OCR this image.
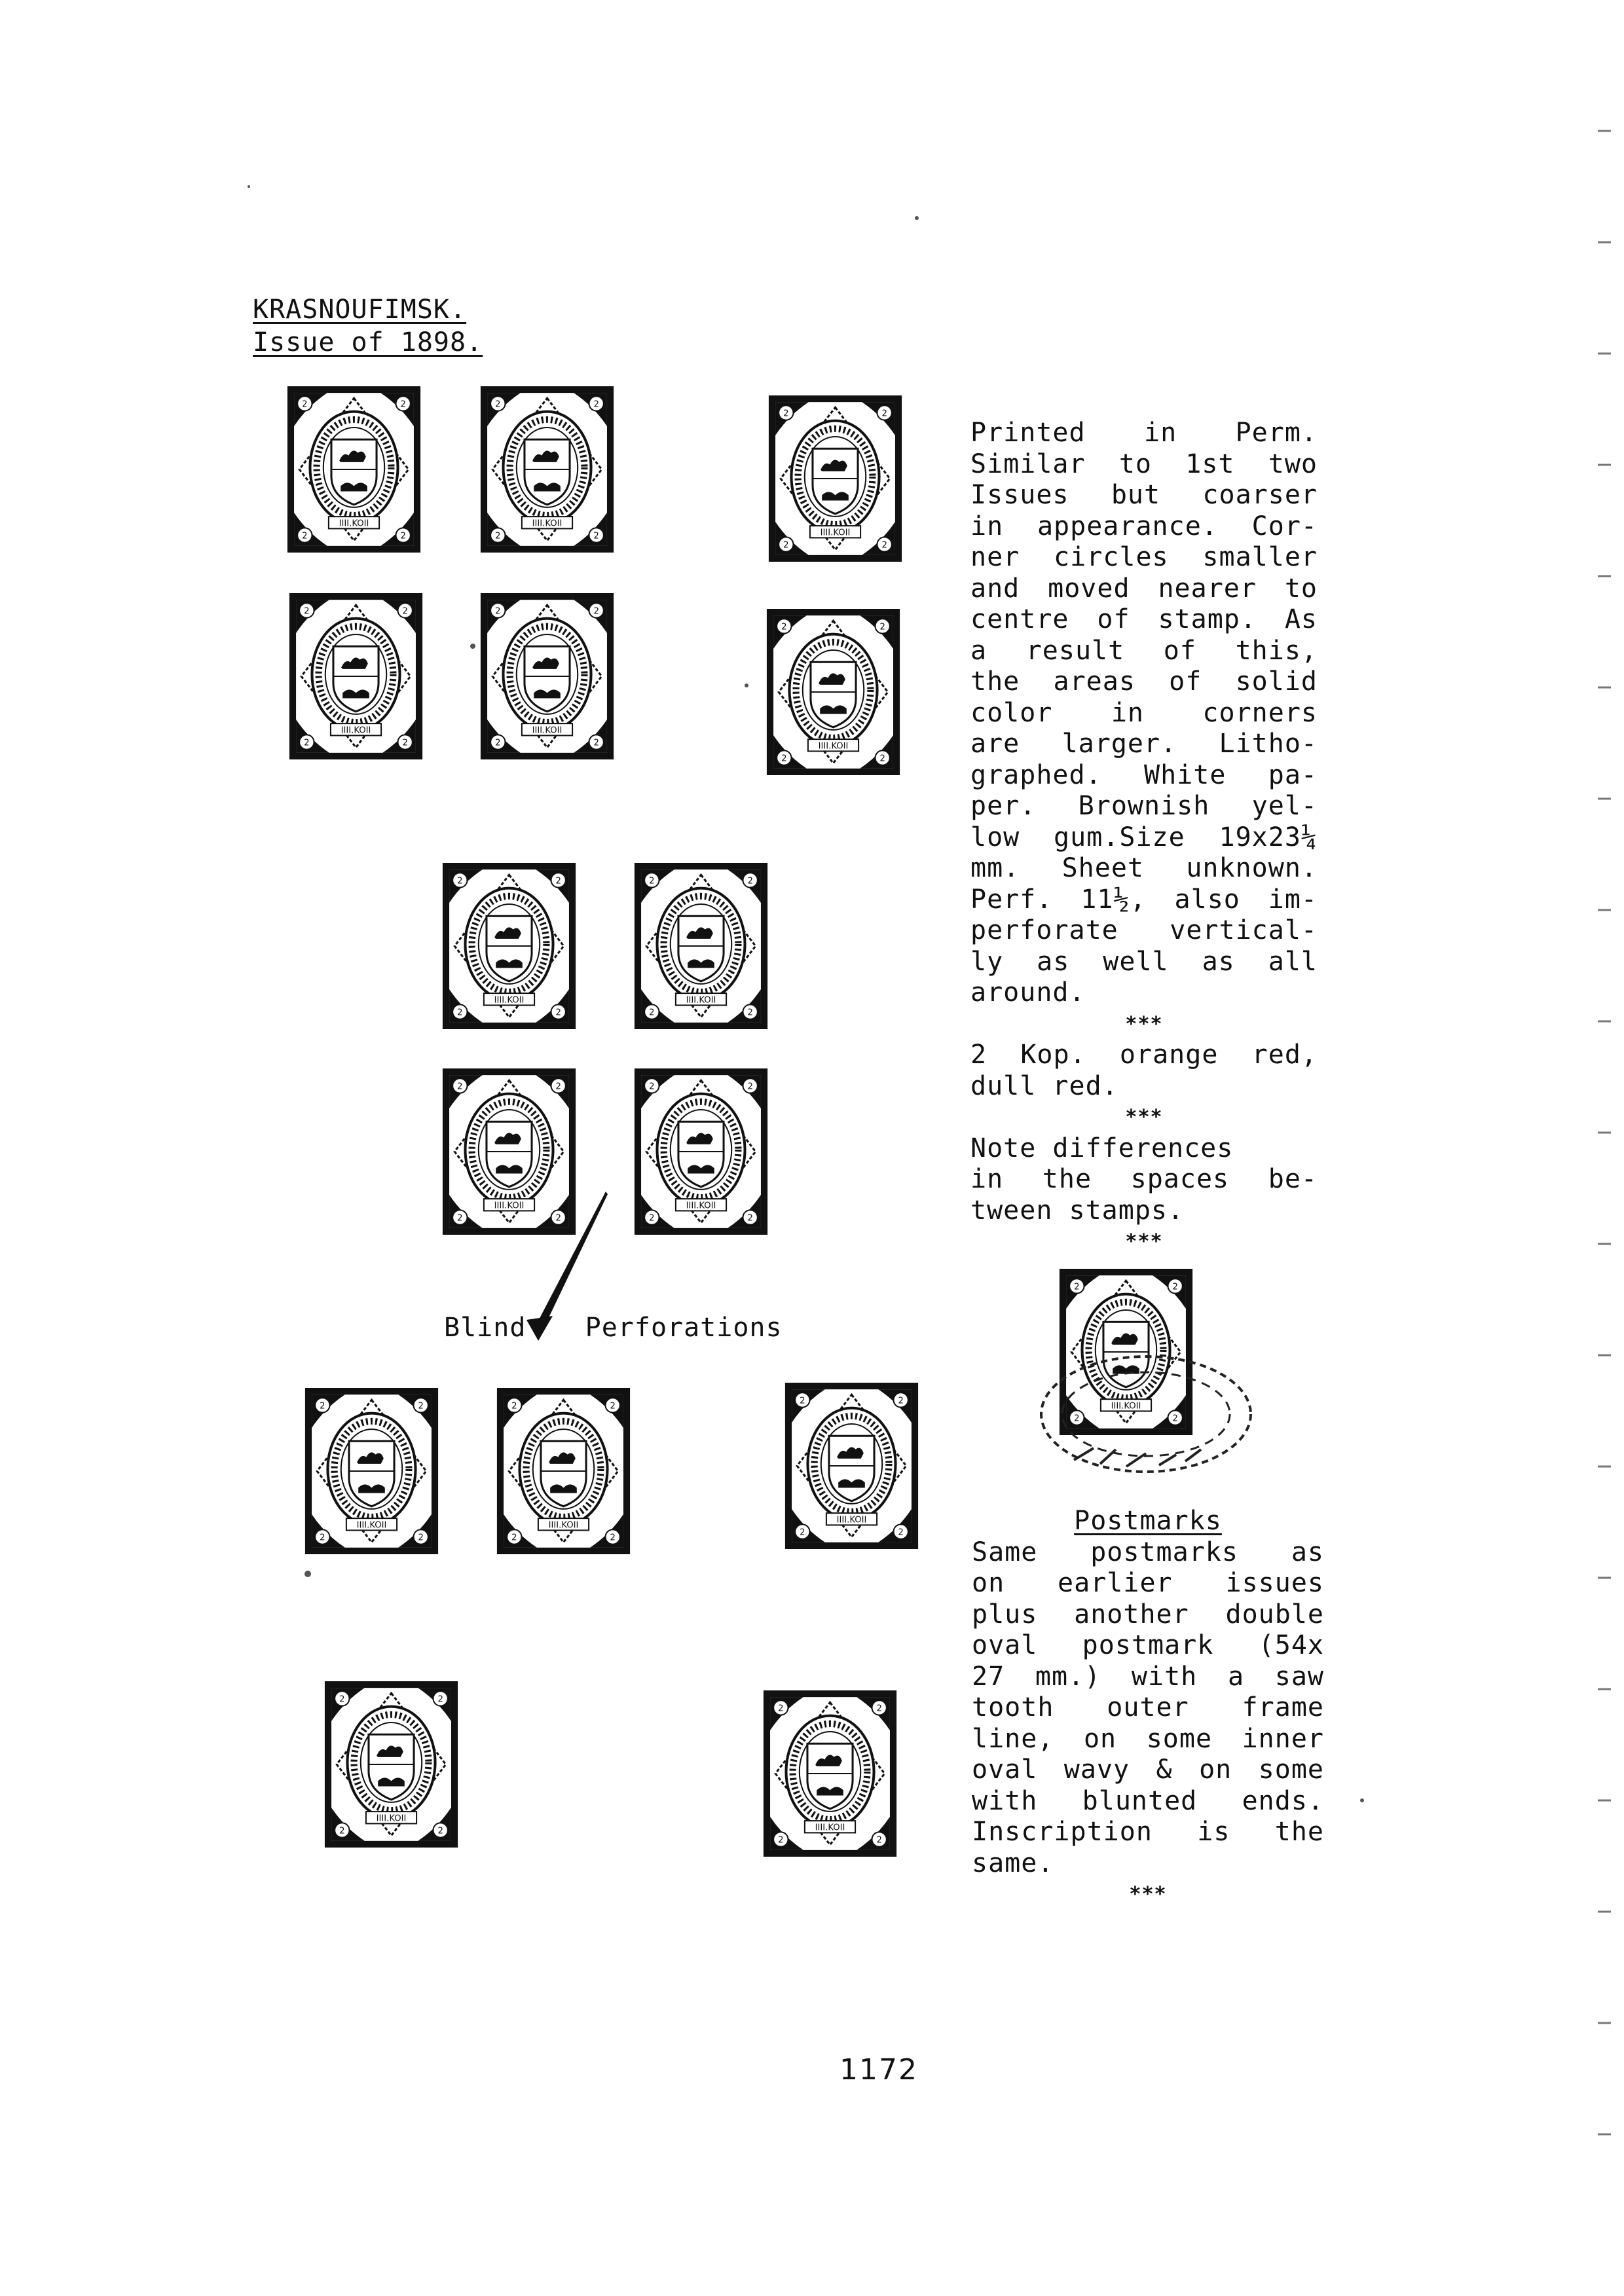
KRASNOUFIMSK.
Issue of 1898.
Blind Perforations
Printed in Perm.
Similar to 1st two
Issues but coarser
in appearance. Cor-
ner circles smaller
and moved nearer to
centre of stamp. As
a result of this,
the areas of solid
color in corners
are larger. Litho-
graphed. White pa-
per. Brownish yel-
low gum.Size 19x23¼
mm. Sheet unknown.
Perf. 11½, also im-
perforate vertical-
ly as well as all
around.
***
2 Kop. orange red,
dull red.
***
Note differences
in the spaces be-
tween stamps.
***
Postmarks
Same postmarks as
on earlier issues
plus another double
oval postmark (54x
27 mm.) with a saw
tooth outer frame
line, on some inner
oval wavy & on some
with blunted ends.
Inscription is the
same.
***
1172
